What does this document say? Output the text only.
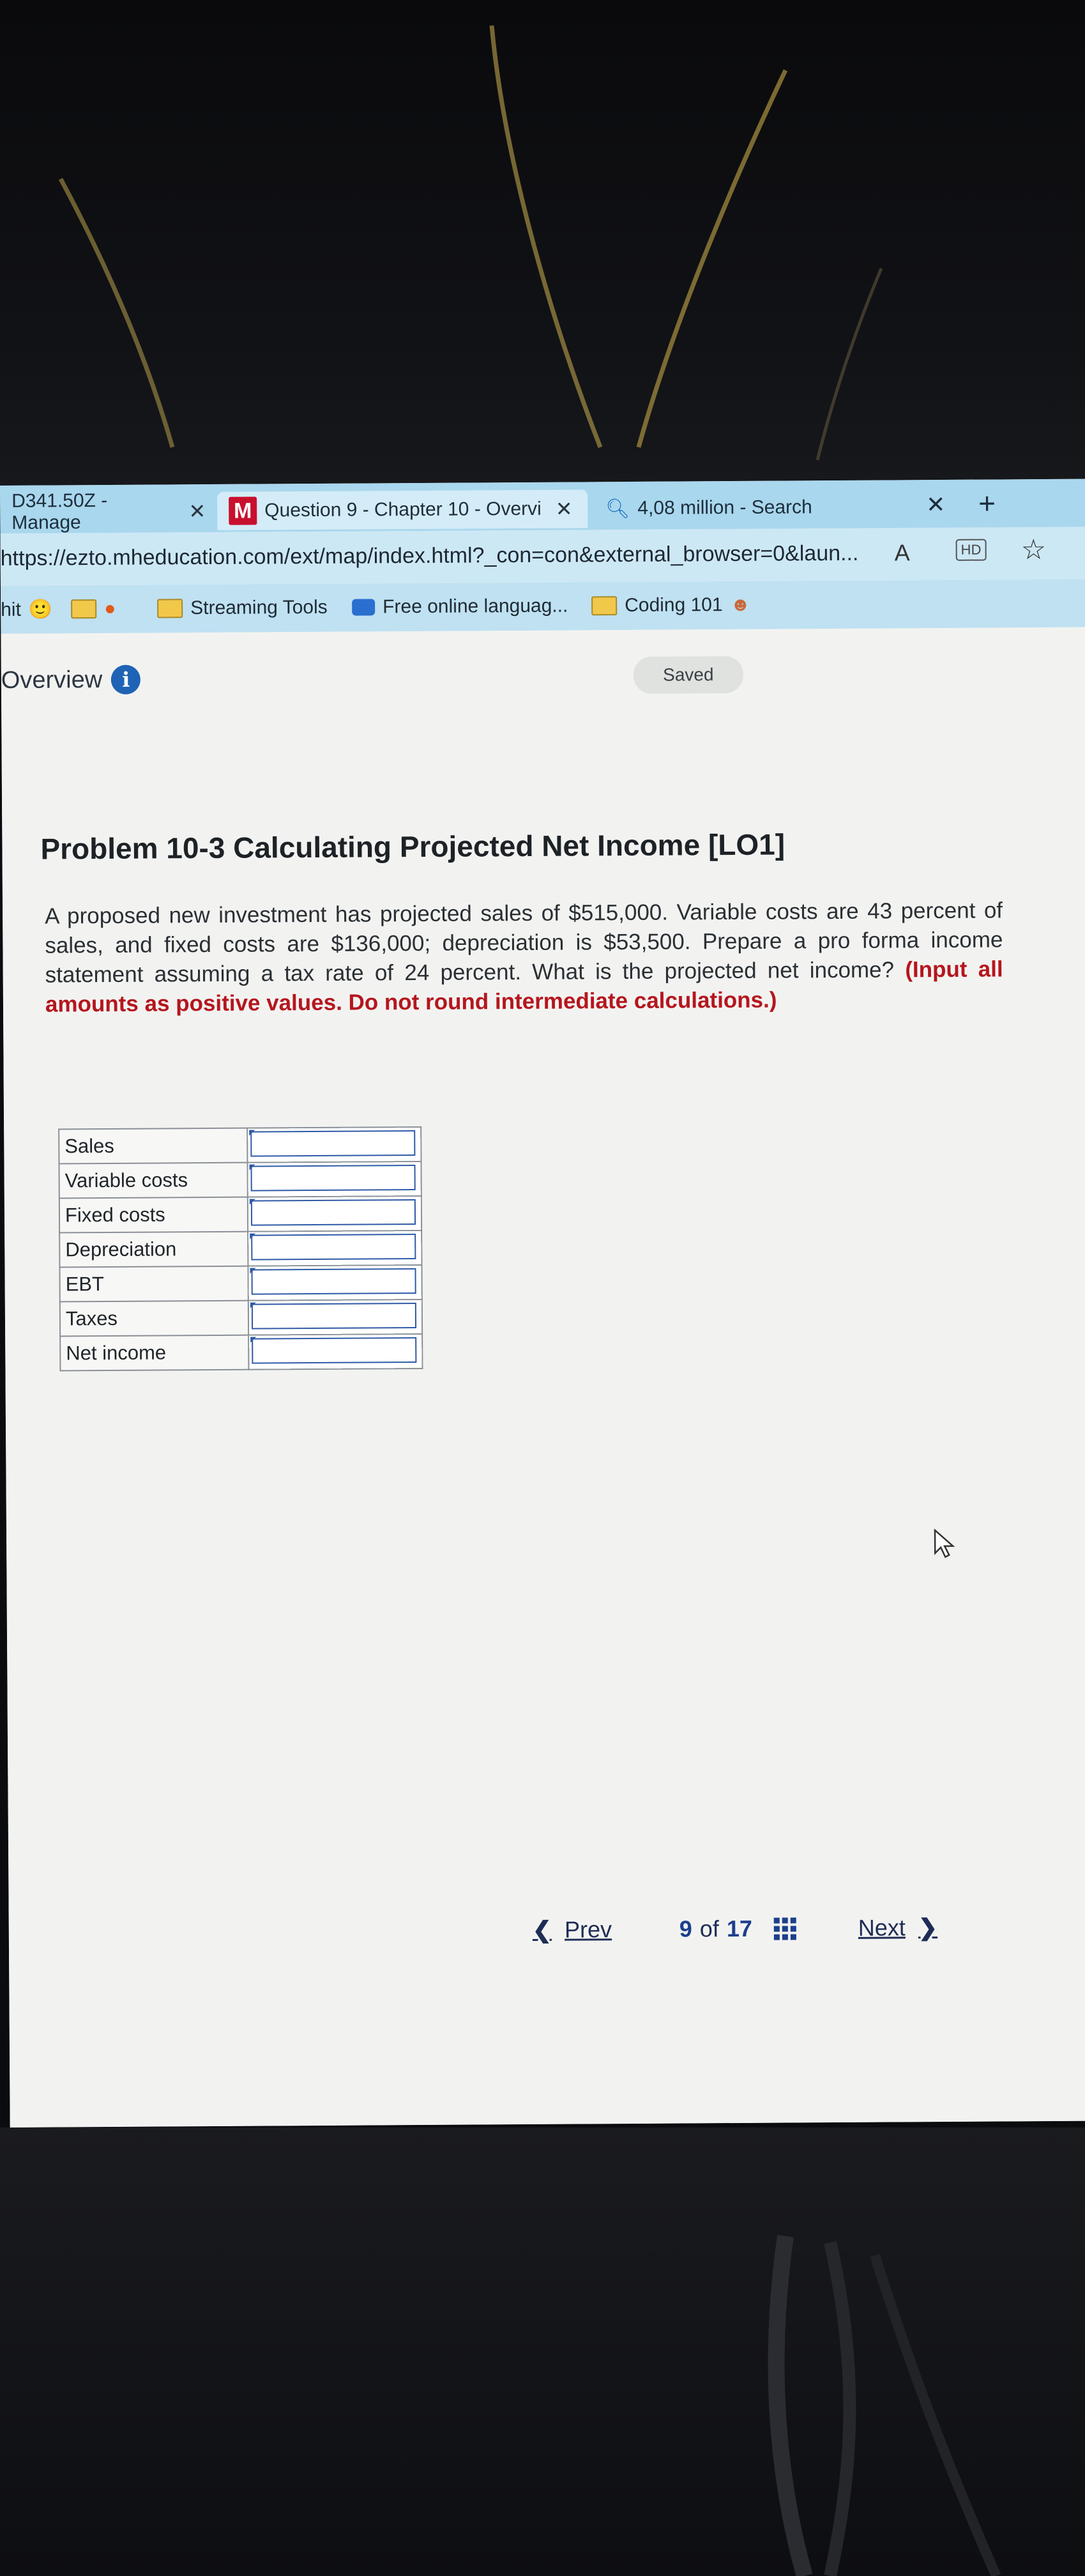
D341.50Z - Manage	✕ M Question 9 - Chapter 10 - Overvi ✕ 🔍︎ 4,08 million - Search	✕ +
https://ezto.mheducation.com/ext/map/index.html?_con=con&external_browser=0&laun... A	HD ☆
hit 🙂	●	Streaming Tools	Free online languag...	Coding 101 ☻
Overview i	Saved
Problem 10-3 Calculating Projected Net Income [LO1]
A proposed new investment has projected sales of $515,000. Variable costs are 43 percent of sales, and fixed costs are $136,000; depreciation is $53,500. Prepare a pro forma income statement assuming a tax rate of 24 percent. What is the projected net income? (Input all amounts as positive values. Do not round intermediate calculations.)
Sales	

Variable costs	

Fixed costs	

Depreciation	

EBT	

Taxes	

Net income	
❮ Prev	9 of 17	Next ❯
